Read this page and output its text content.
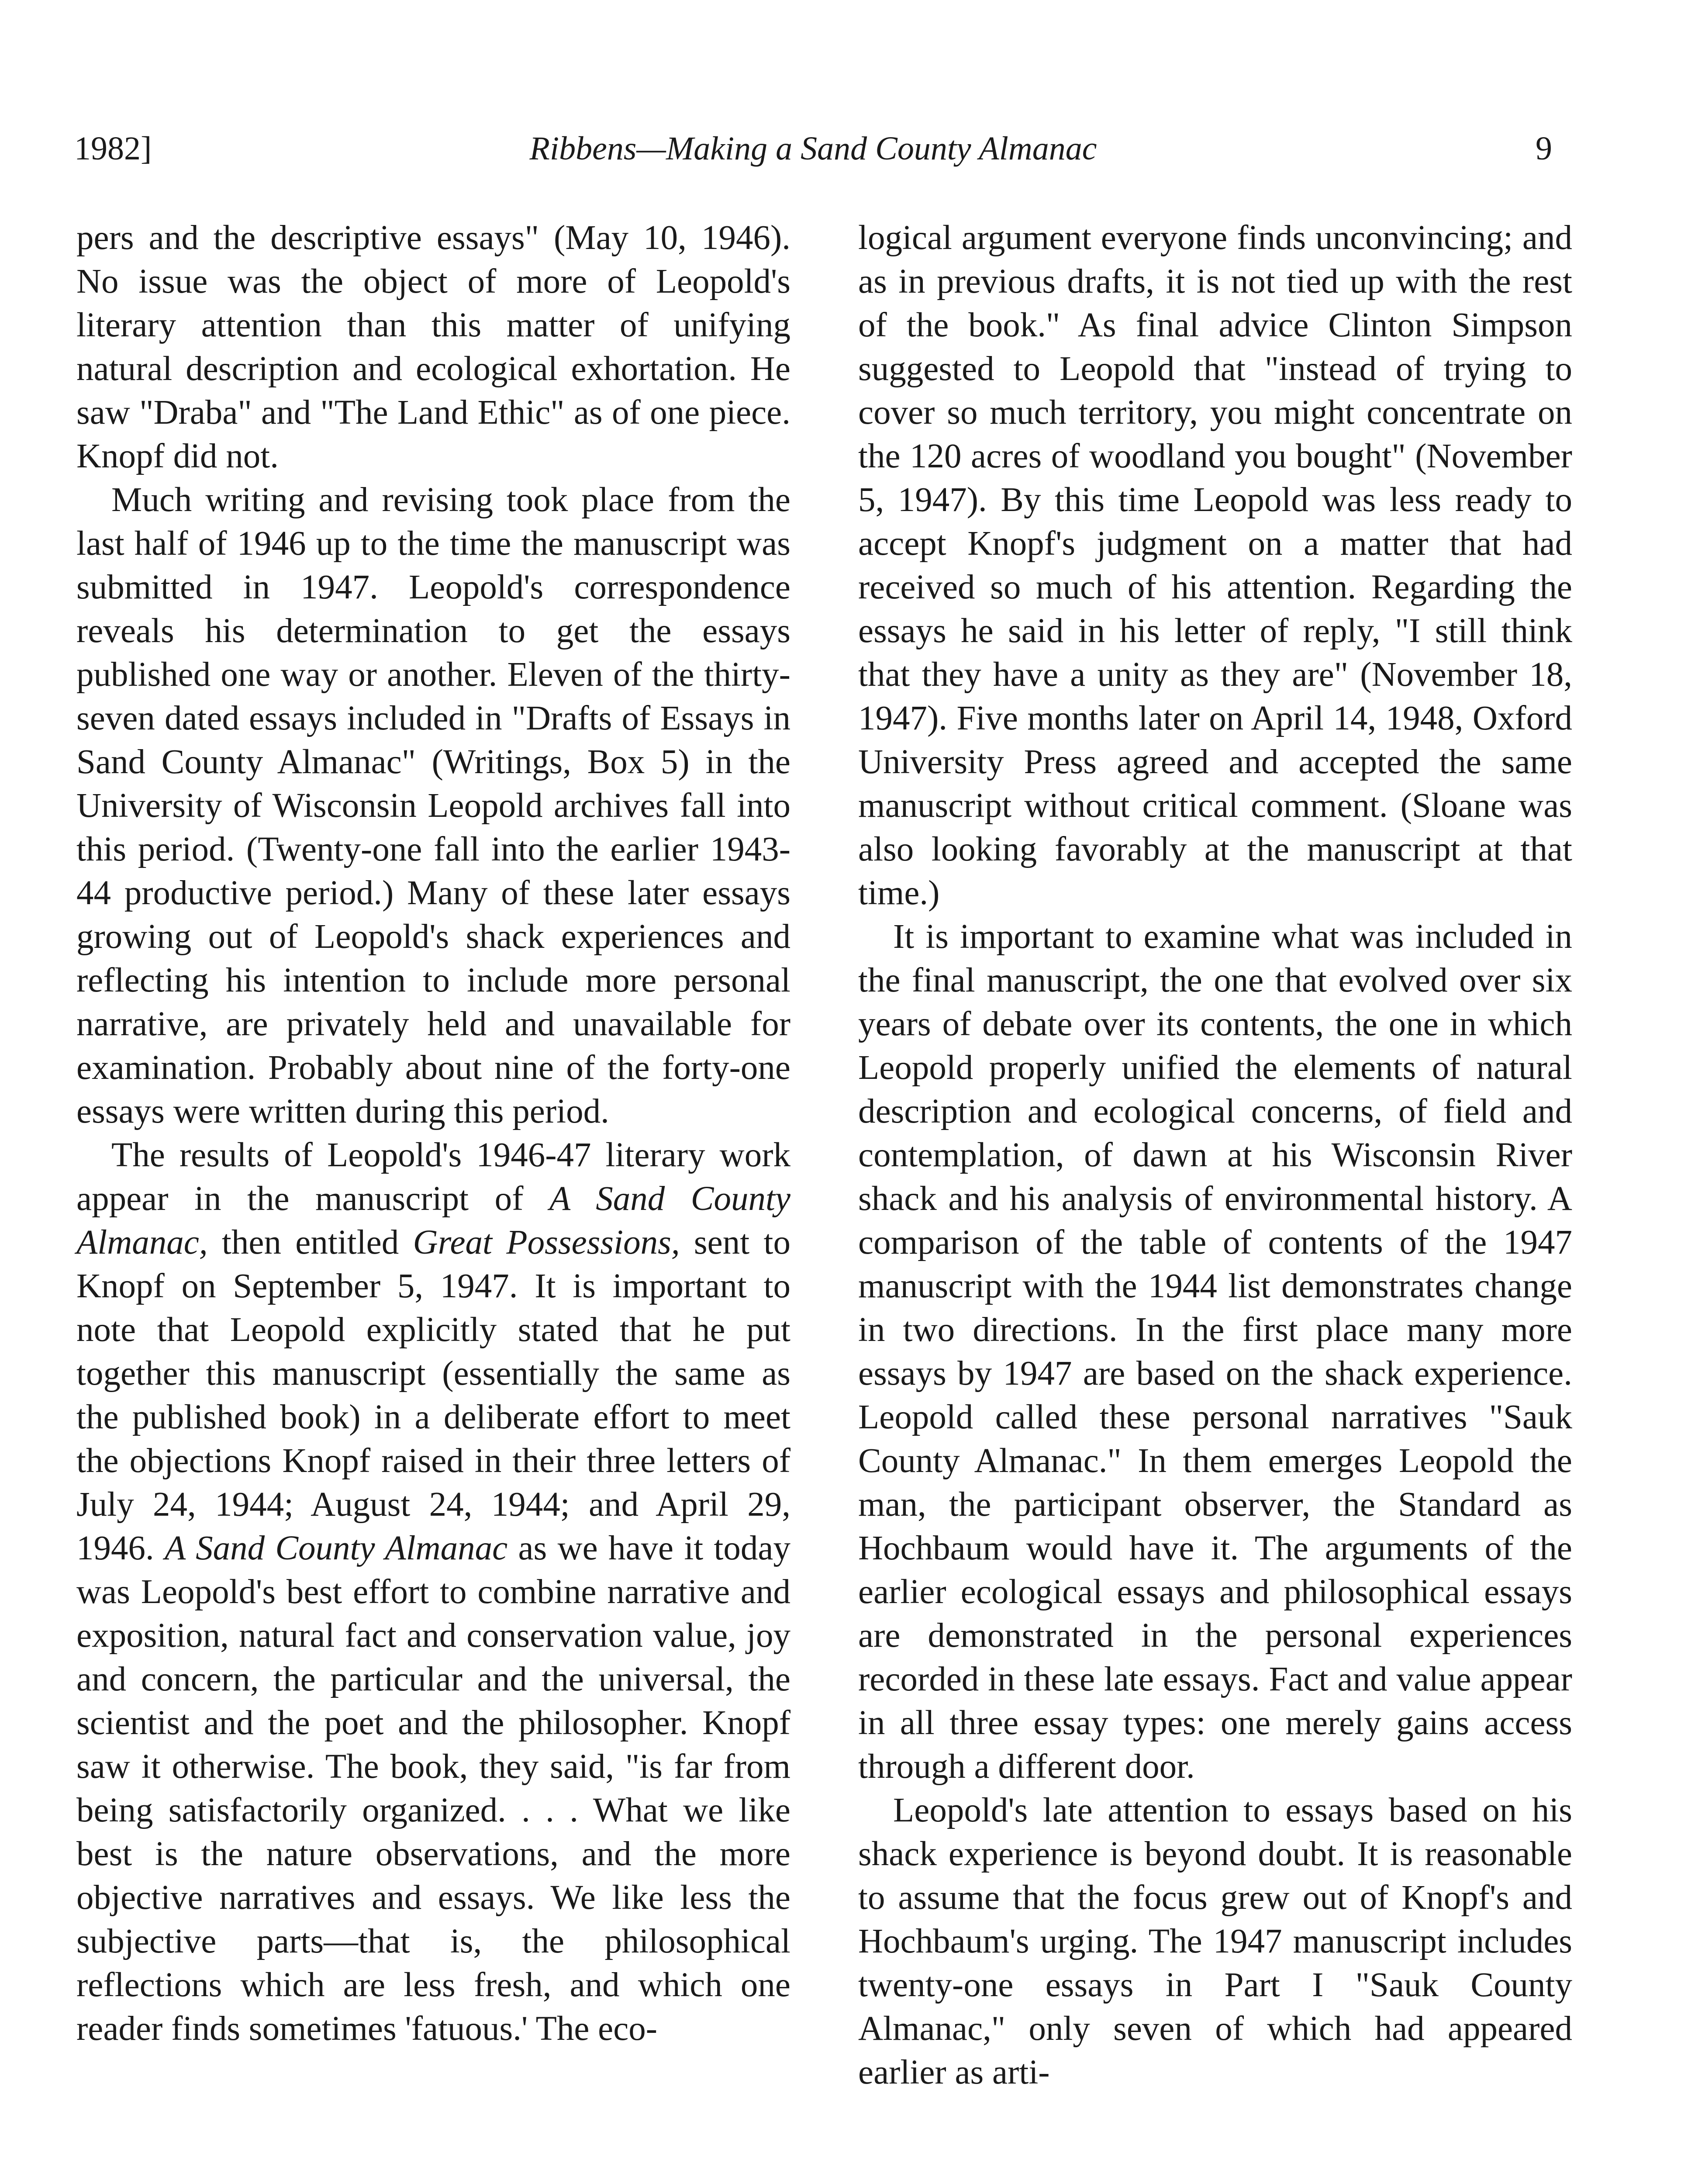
1982]	Ribbens—Making a Sand County Almanac	9

pers and the descriptive essays" (May 10, 1946). No issue was the object of more of Leopold's literary attention than this matter of unifying natural description and ecological exhortation. He saw "Draba" and "The Land Ethic" as of one piece. Knopf did not.

Much writing and revising took place from the last half of 1946 up to the time the manuscript was submitted in 1947. Leopold's correspondence reveals his determination to get the essays published one way or another. Eleven of the thirty-seven dated essays included in "Drafts of Essays in Sand County Almanac" (Writings, Box 5) in the University of Wisconsin Leopold archives fall into this period. (Twenty-one fall into the earlier 1943-44 productive period.) Many of these later essays growing out of Leopold's shack experiences and reflecting his intention to include more personal narrative, are privately held and unavailable for examination. Probably about nine of the forty-one essays were written during this period.

The results of Leopold's 1946-47 literary work appear in the manuscript of A Sand County Almanac, then entitled Great Possessions, sent to Knopf on September 5, 1947. It is important to note that Leopold explicitly stated that he put together this manuscript (essentially the same as the published book) in a deliberate effort to meet the objections Knopf raised in their three letters of July 24, 1944; August 24, 1944; and April 29, 1946. A Sand County Almanac as we have it today was Leopold's best effort to combine narrative and exposition, natural fact and conservation value, joy and concern, the particular and the universal, the scientist and the poet and the philosopher. Knopf saw it otherwise. The book, they said, "is far from being satisfactorily organized. . . . What we like best is the nature observations, and the more objective narratives and essays. We like less the subjective parts—that is, the philosophical reflections which are less fresh, and which one reader finds sometimes 'fatuous.' The eco-

logical argument everyone finds unconvincing; and as in previous drafts, it is not tied up with the rest of the book." As final advice Clinton Simpson suggested to Leopold that "instead of trying to cover so much territory, you might concentrate on the 120 acres of woodland you bought" (November 5, 1947). By this time Leopold was less ready to accept Knopf's judgment on a matter that had received so much of his attention. Regarding the essays he said in his letter of reply, "I still think that they have a unity as they are" (November 18, 1947). Five months later on April 14, 1948, Oxford University Press agreed and accepted the same manuscript without critical comment. (Sloane was also looking favorably at the manuscript at that time.)

It is important to examine what was included in the final manuscript, the one that evolved over six years of debate over its contents, the one in which Leopold properly unified the elements of natural description and ecological concerns, of field and contemplation, of dawn at his Wisconsin River shack and his analysis of environmental history. A comparison of the table of contents of the 1947 manuscript with the 1944 list demonstrates change in two directions. In the first place many more essays by 1947 are based on the shack experience. Leopold called these personal narratives "Sauk County Almanac." In them emerges Leopold the man, the participant observer, the Standard as Hochbaum would have it. The arguments of the earlier ecological essays and philosophical essays are demonstrated in the personal experiences recorded in these late essays. Fact and value appear in all three essay types: one merely gains access through a different door.

Leopold's late attention to essays based on his shack experience is beyond doubt. It is reasonable to assume that the focus grew out of Knopf's and Hochbaum's urging. The 1947 manuscript includes twenty-one essays in Part I "Sauk County Almanac," only seven of which had appeared earlier as arti-
